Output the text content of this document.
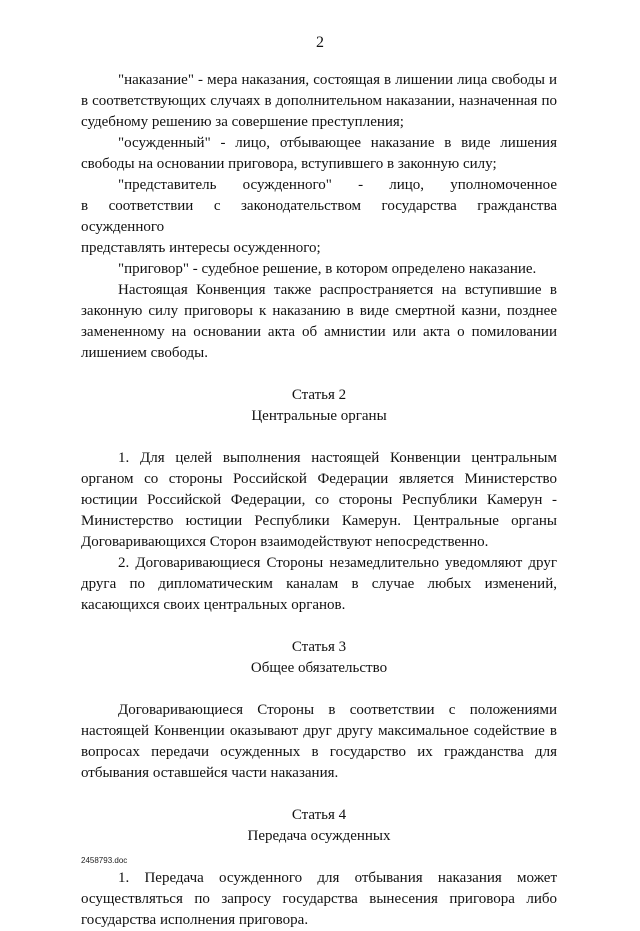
2
"наказание" - мера наказания, состоящая в лишении лица свободы и
в соответствующих случаях в дополнительном наказании, назначенная по
судебному решению за совершение преступления;
"осужденный" - лицо, отбывающее наказание в виде лишения
свободы на основании приговора, вступившего в законную силу;
"представитель осужденного" - лицо, уполномоченное
в соответствии с законодательством государства гражданства осужденного
представлять интересы осужденного;
"приговор" - судебное решение, в котором определено наказание.
Настоящая Конвенция также распространяется на вступившие в
законную силу приговоры к наказанию в виде смертной казни, позднее
замененному на основании акта об амнистии или акта о помиловании
лишением свободы.
Статья 2
Центральные органы
1. Для целей выполнения настоящей Конвенции центральным
органом со стороны Российской Федерации является Министерство
юстиции Российской Федерации, со стороны Республики Камерун -
Министерство юстиции Республики Камерун. Центральные органы
Договаривающихся Сторон взаимодействуют непосредственно.
2. Договаривающиеся Стороны незамедлительно уведомляют друг
друга по дипломатическим каналам в случае любых изменений,
касающихся своих центральных органов.
Статья 3
Общее обязательство
Договаривающиеся Стороны в соответствии с положениями
настоящей Конвенции оказывают друг другу максимальное содействие в
вопросах передачи осужденных в государство их гражданства для
отбывания оставшейся части наказания.
Статья 4
Передача осужденных
1. Передача осужденного для отбывания наказания может
осуществляться по запросу государства вынесения приговора либо
государства исполнения приговора.
2458793.doc
